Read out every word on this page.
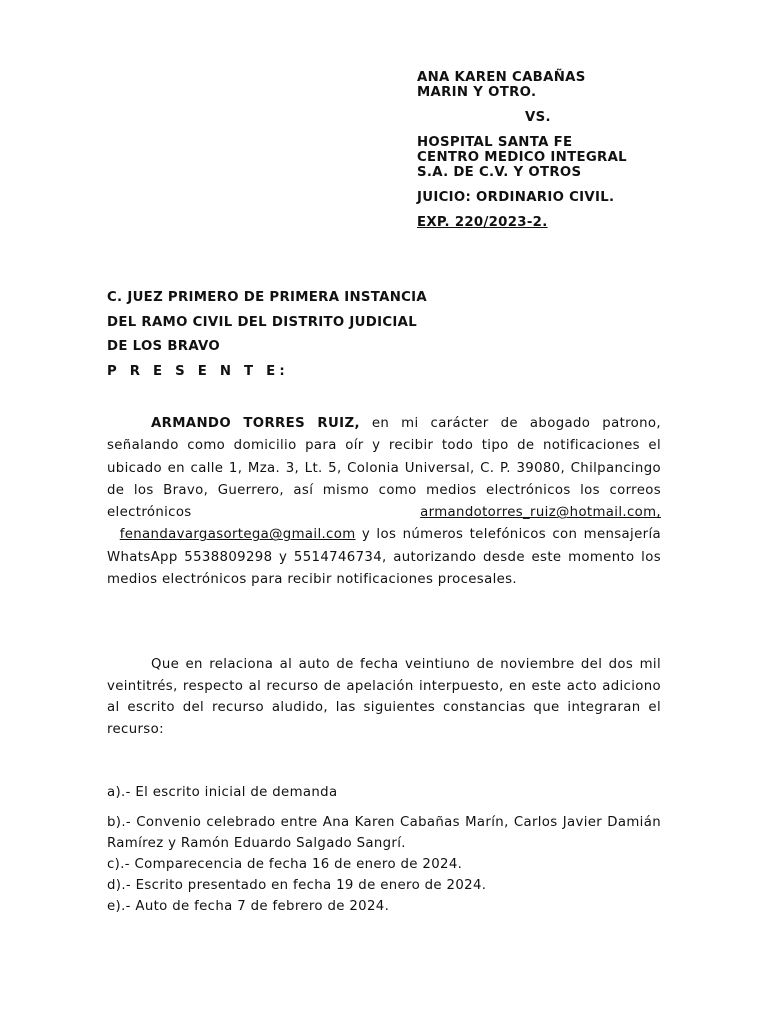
ANA KAREN CABAÑAS
MARIN Y OTRO.
VS.
HOSPITAL SANTA FE
CENTRO MEDICO INTEGRAL
S.A. DE C.V. Y OTROS
JUICIO: ORDINARIO CIVIL.
EXP. 220/2023-2.
C. JUEZ PRIMERO DE PRIMERA INSTANCIA
DEL RAMO CIVIL DEL DISTRITO JUDICIAL
DE LOS BRAVO
P R E S E N T E:
ARMANDO TORRES RUIZ, en mi carácter de abogado patrono, señalando como domicilio para oír y recibir todo tipo de notificaciones el ubicado en calle 1, Mza. 3, Lt. 5, Colonia Universal, C. P. 39080, Chilpancingo de los Bravo, Guerrero, así mismo como medios electrónicos los correos electrónicos armandotorres_ruiz@hotmail.com,   fenandavargasortega@gmail.com y los números telefónicos con mensajería WhatsApp 5538809298 y 5514746734, autorizando desde este momento los medios electrónicos para recibir notificaciones procesales.
Que en relaciona al auto de fecha veintiuno de noviembre del dos mil veintitrés, respecto al recurso de apelación interpuesto, en este acto adiciono al escrito del recurso aludido, las siguientes constancias que integraran el recurso:
a).- El escrito inicial de demanda
b).- Convenio celebrado entre Ana Karen Cabañas Marín, Carlos Javier Damián Ramírez y Ramón Eduardo Salgado Sangrí.
c).- Comparecencia de fecha 16 de enero de 2024.
d).- Escrito presentado en fecha 19 de enero de 2024.
e).- Auto de fecha 7 de febrero de 2024.
